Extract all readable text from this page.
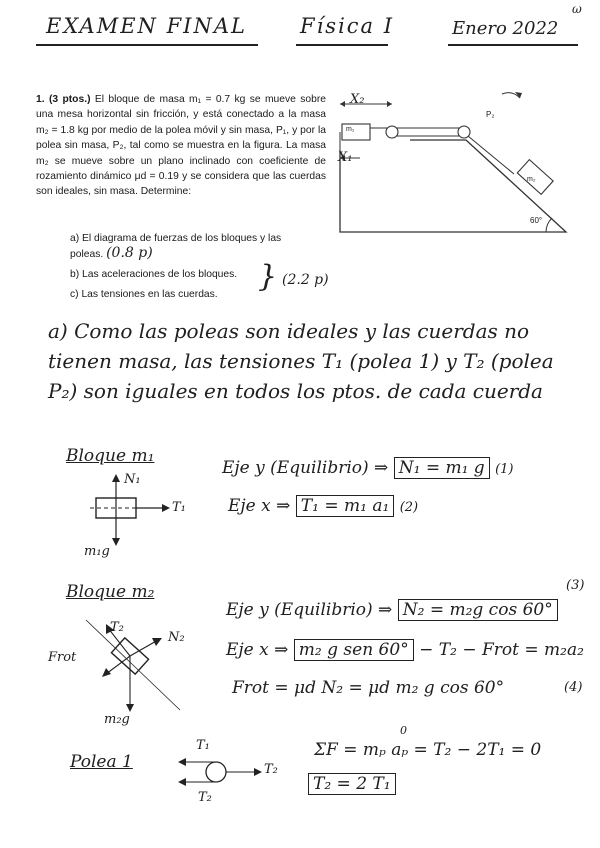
EXAMEN FINAL	Física I	Enero 2022
ω
1. (3 ptos.) El bloque de masa m₁ = 0.7 kg se mueve sobre una mesa horizontal sin fricción, y está conectado a la masa m₂ = 1.8 kg por medio de la polea móvil y sin masa, P₁, y por la polea sin masa, P₂, tal como se muestra en la figura. La masa m₂ se mueve sobre un plano inclinado con coeficiente de rozamiento dinámico μd = 0.19 y se considera que las cuerdas son ideales, sin masa. Determine:
a) El diagrama de fuerzas de los bloques y las poleas. (0.8 p)
b) Las aceleraciones de los bloques.
c) Las tensiones en las cuerdas.
} (2.2 p)
X₂
X₁
m₁
m₂
P₂
60°
a) Como las poleas son ideales y las cuerdas no tienen masa, las tensiones T₁ (polea 1) y T₂ (polea P₂) son iguales en todos los ptos. de cada cuerda
Bloque m₁
N₁
T₁
m₁g
Eje y (Equilibrio) ⇒ N₁ = m₁ g (1)
Eje x ⇒ T₁ = m₁ a₁ (2)
Bloque m₂
T₂
N₂
Frot
m₂g
(3)
Eje y (Equilibrio) ⇒ N₂ = m₂g cos 60°
Eje x ⇒ m₂ g sen 60° − T₂ − Frot = m₂a₂
Frot = μd N₂ = μd m₂ g cos 60°	(4)
Polea 1
T₁
T₂
T₂
0
ΣF = mₚ aₚ = T₂ − 2T₁ = 0
T₂ = 2 T₁
